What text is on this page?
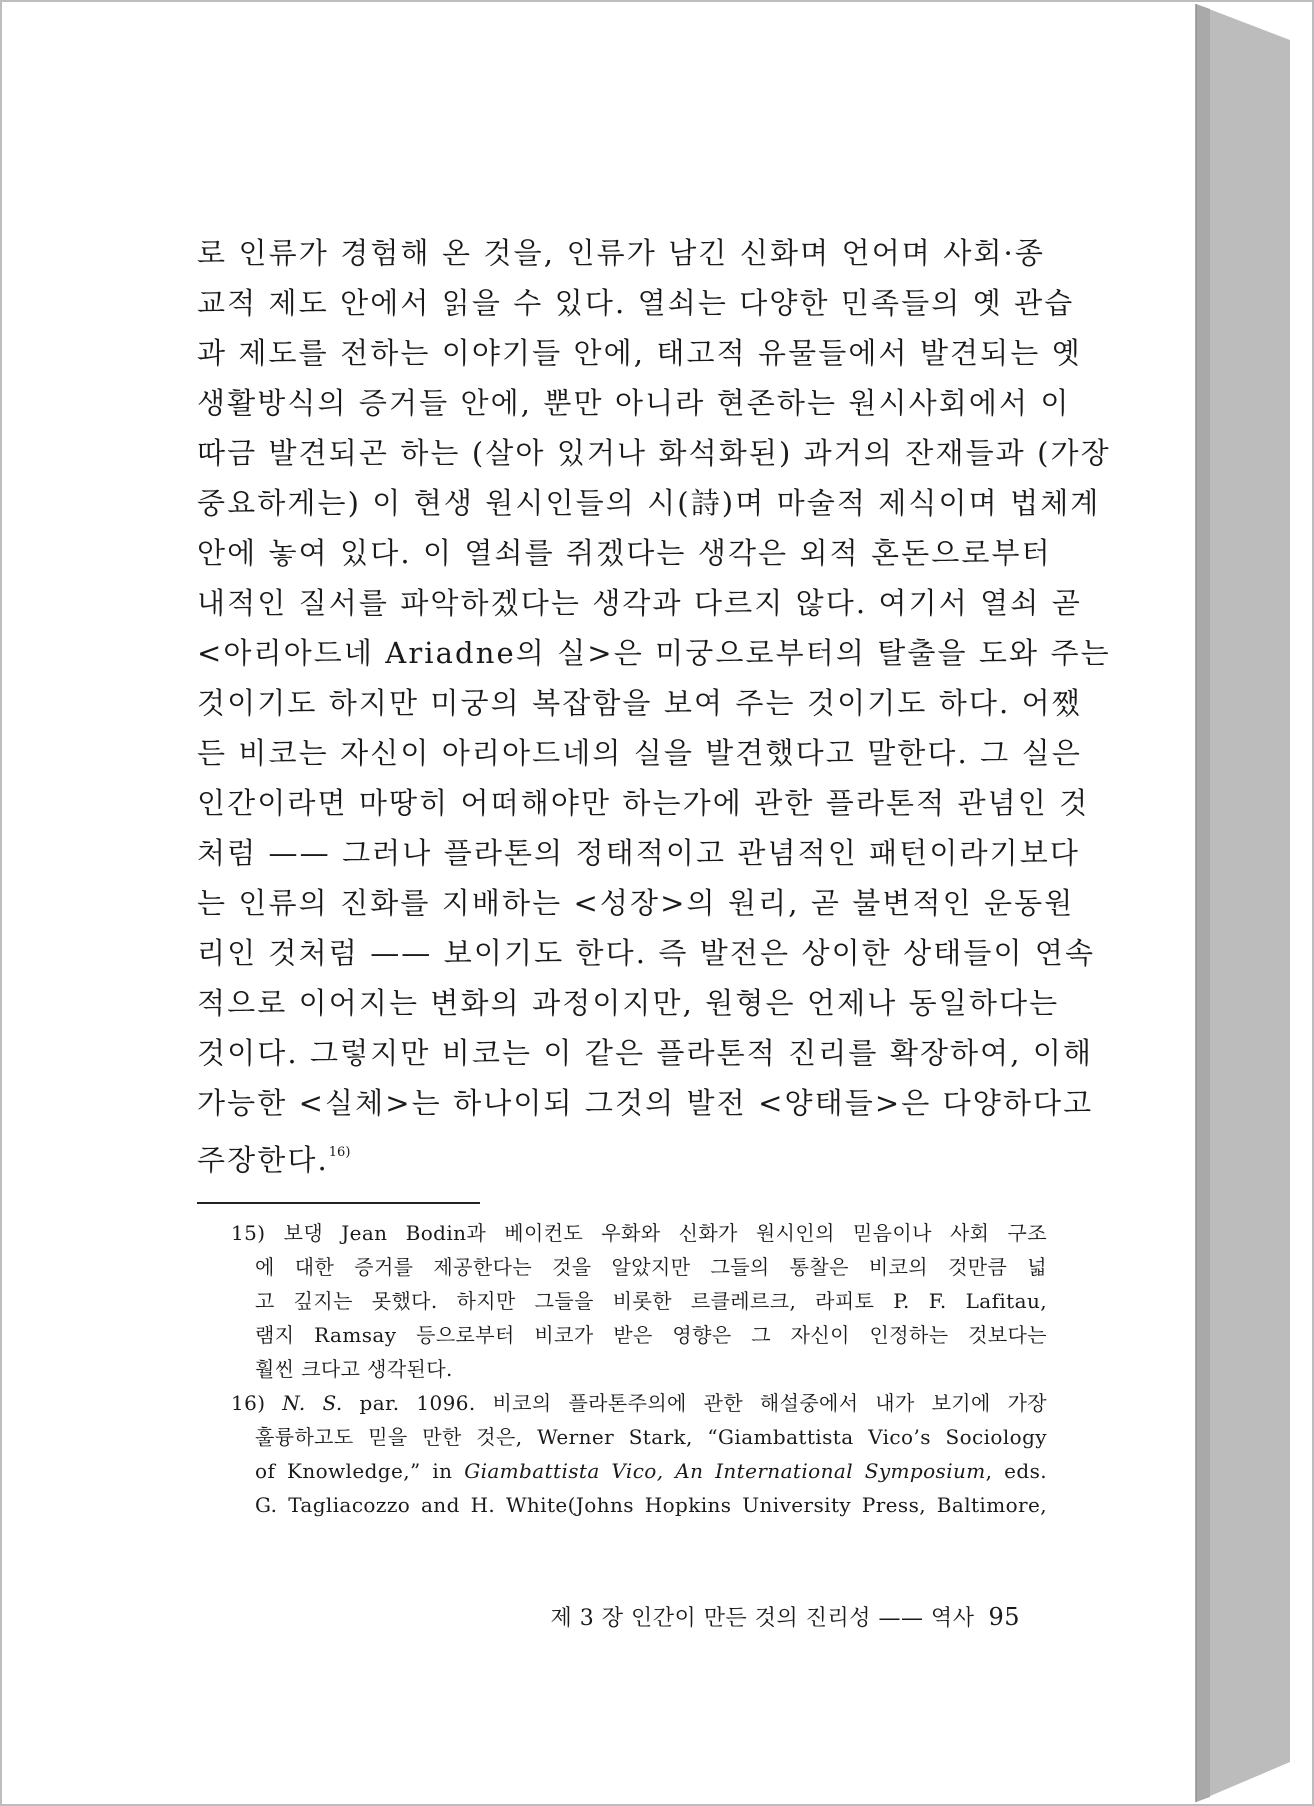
로 인류가 경험해 온 것을, 인류가 남긴 신화며 언어며 사회·종
교적 제도 안에서 읽을 수 있다. 열쇠는 다양한 민족들의 옛 관습
과 제도를 전하는 이야기들 안에, 태고적 유물들에서 발견되는 옛
생활방식의 증거들 안에, 뿐만 아니라 현존하는 원시사회에서 이
따금 발견되곤 하는 (살아 있거나 화석화된) 과거의 잔재들과 (가장
중요하게는) 이 현생 원시인들의 시(詩)며 마술적 제식이며 법체계
안에 놓여 있다. 이 열쇠를 쥐겠다는 생각은 외적 혼돈으로부터
내적인 질서를 파악하겠다는 생각과 다르지 않다. 여기서 열쇠 곧
<아리아드네 Ariadne의 실>은 미궁으로부터의 탈출을 도와 주는
것이기도 하지만 미궁의 복잡함을 보여 주는 것이기도 하다. 어쨌
든 비코는 자신이 아리아드네의 실을 발견했다고 말한다. 그 실은
인간이라면 마땅히 어떠해야만 하는가에 관한 플라톤적 관념인 것
처럼 —— 그러나 플라톤의 정태적이고 관념적인 패턴이라기보다
는 인류의 진화를 지배하는 <성장>의 원리, 곧 불변적인 운동원
리인 것처럼 —— 보이기도 한다. 즉 발전은 상이한 상태들이 연속
적으로 이어지는 변화의 과정이지만, 원형은 언제나 동일하다는
것이다. 그렇지만 비코는 이 같은 플라톤적 진리를 확장하여, 이해
가능한 <실체>는 하나이되 그것의 발전 <양태들>은 다양하다고
주장한다.$^{16)}$
15) 보댕 Jean Bodin과 베이컨도 우화와 신화가 원시인의 믿음이나 사회 구조
에 대한 증거를 제공한다는 것을 알았지만 그들의 통찰은 비코의 것만큼 넓
고 깊지는 못했다. 하지만 그들을 비롯한 르클레르크, 라피토 P. F. Lafitau,
램지 Ramsay 등으로부터 비코가 받은 영향은 그 자신이 인정하는 것보다는
훨씬 크다고 생각된다.
16) N. S. par. 1096. 비코의 플라톤주의에 관한 해설중에서 내가 보기에 가장
훌륭하고도 믿을 만한 것은, Werner Stark, “Giambattista Vico’s Sociology
of Knowledge,” in Giambattista Vico, An International Symposium, eds.
G. Tagliacozzo and H. White(Johns Hopkins University Press, Baltimore,
제 3 장 인간이 만든 것의 진리성 —— 역사 95
